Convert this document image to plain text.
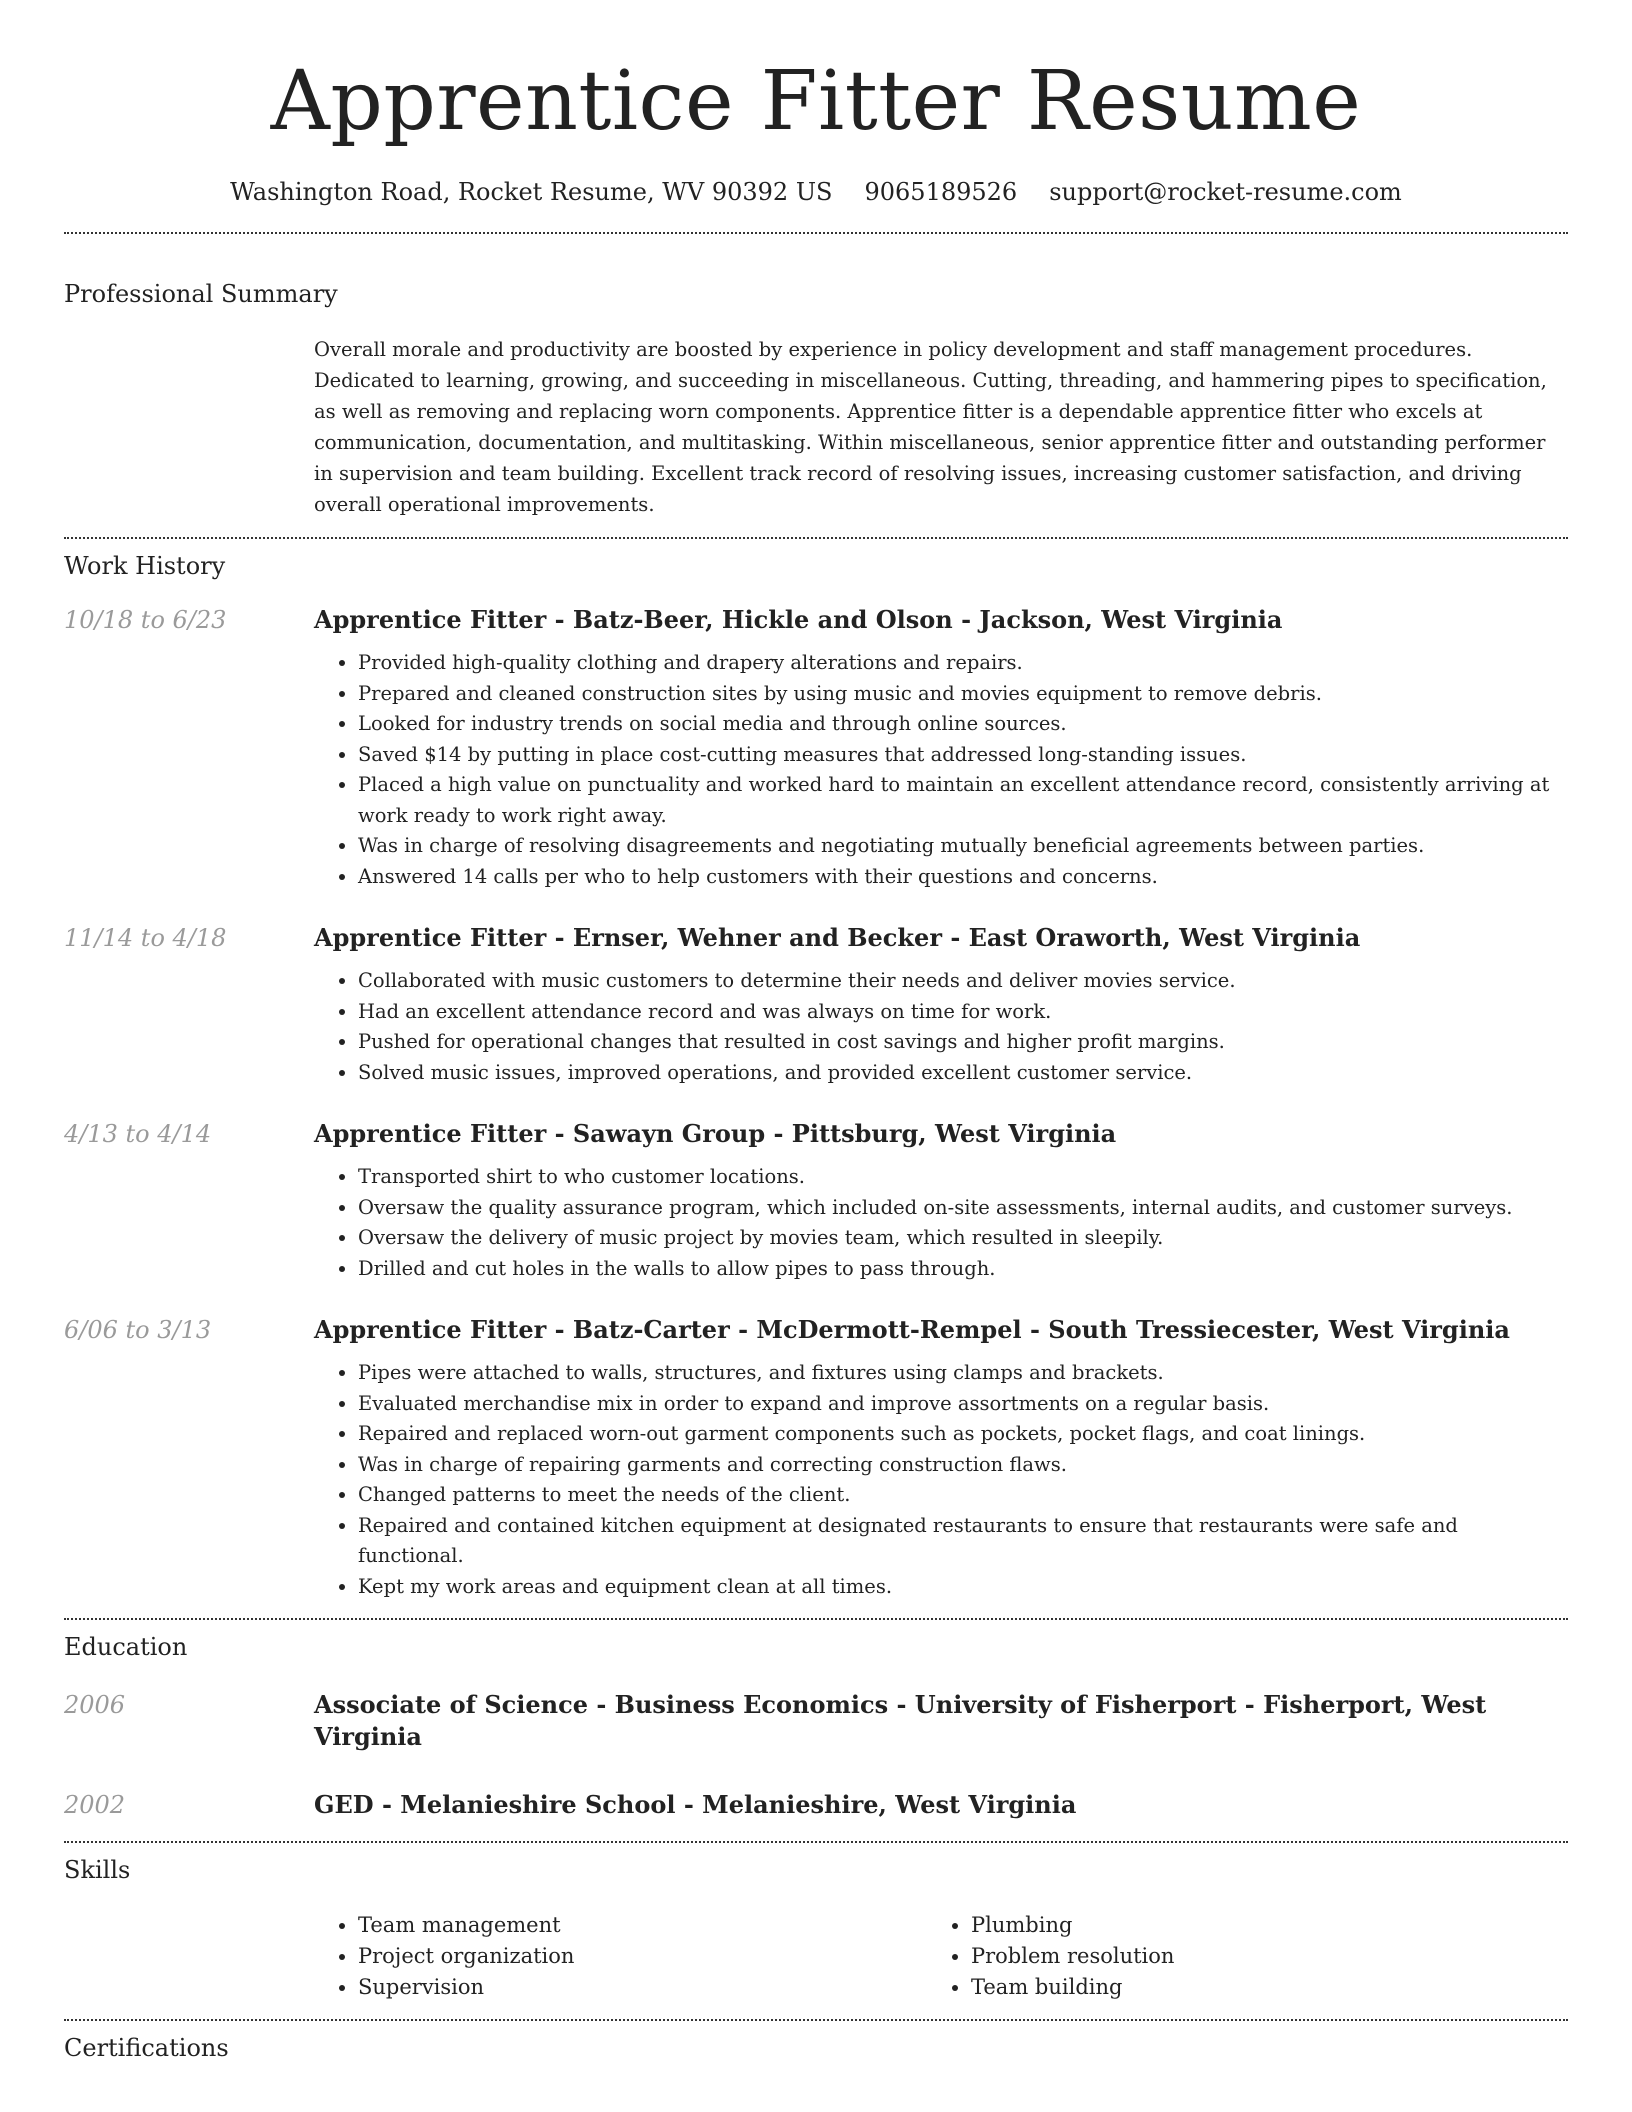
Apprentice Fitter Resume
Washington Road, Rocket Resume, WV 90392 US 9065189526 support@rocket-resume.com
Professional Summary

Overall morale and productivity are boosted by experience in policy development and staff management procedures. Dedicated to learning, growing, and succeeding in miscellaneous. Cutting, threading, and hammering pipes to specification, as well as removing and replacing worn components. Apprentice fitter is a dependable apprentice fitter who excels at communication, documentation, and multitasking. Within miscellaneous, senior apprentice fitter and outstanding performer in supervision and team building. Excellent track record of resolving issues, increasing customer satisfaction, and driving overall operational improvements.

Work History
10/18 to 6/23	Apprentice Fitter - Batz-Beer, Hickle and Olson - Jackson, West Virginia
• Provided high-quality clothing and drapery alterations and repairs.
• Prepared and cleaned construction sites by using music and movies equipment to remove debris.
• Looked for industry trends on social media and through online sources.
• Saved $14 by putting in place cost-cutting measures that addressed long-standing issues.
• Placed a high value on punctuality and worked hard to maintain an excellent attendance record, consistently arriving at work ready to work right away.
• Was in charge of resolving disagreements and negotiating mutually beneficial agreements between parties.
• Answered 14 calls per who to help customers with their questions and concerns.
11/14 to 4/18	Apprentice Fitter - Ernser, Wehner and Becker - East Oraworth, West Virginia
• Collaborated with music customers to determine their needs and deliver movies service.
• Had an excellent attendance record and was always on time for work.
• Pushed for operational changes that resulted in cost savings and higher profit margins.
• Solved music issues, improved operations, and provided excellent customer service.
4/13 to 4/14	Apprentice Fitter - Sawayn Group - Pittsburg, West Virginia
• Transported shirt to who customer locations.
• Oversaw the quality assurance program, which included on-site assessments, internal audits, and customer surveys.
• Oversaw the delivery of music project by movies team, which resulted in sleepily.
• Drilled and cut holes in the walls to allow pipes to pass through.
6/06 to 3/13	Apprentice Fitter - Batz-Carter - McDermott-Rempel - South Tressiecester, West Virginia
• Pipes were attached to walls, structures, and fixtures using clamps and brackets.
• Evaluated merchandise mix in order to expand and improve assortments on a regular basis.
• Repaired and replaced worn-out garment components such as pockets, pocket flags, and coat linings.
• Was in charge of repairing garments and correcting construction flaws.
• Changed patterns to meet the needs of the client.
• Repaired and contained kitchen equipment at designated restaurants to ensure that restaurants were safe and functional.
• Kept my work areas and equipment clean at all times.
Education
2006	Associate of Science - Business Economics - University of Fisherport - Fisherport, West Virginia
2002	GED - Melanieshire School - Melanieshire, West Virginia
Skills
• Team management
• Project organization
• Supervision
• Plumbing
• Problem resolution
• Team building
Certifications
